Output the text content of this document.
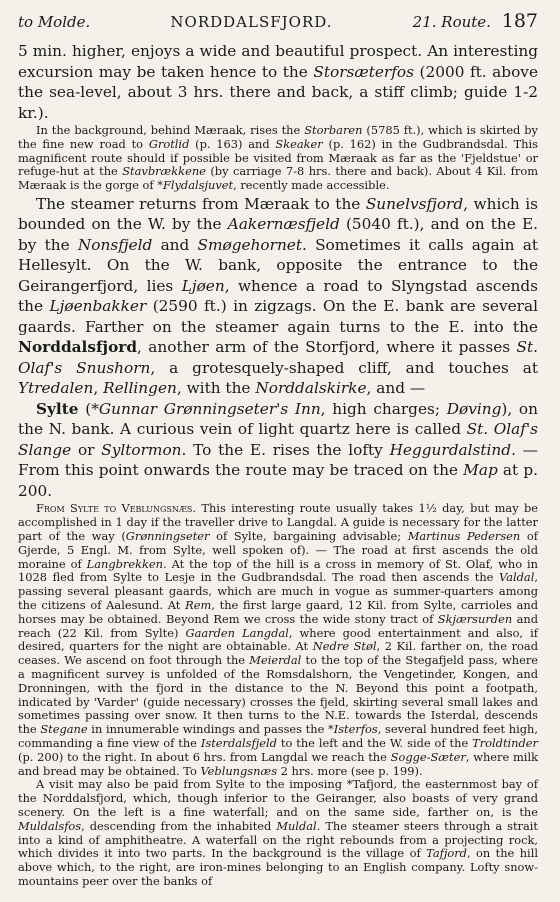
to Molde.	NORDDALSFJORD.	21. Route. 187

5 min. higher, enjoys a wide and beautiful prospect. An interesting excursion may be taken hence to the Storsæterfos (2000 ft. above the sea-level, about 3 hrs. there and back, a stiff climb; guide 1-2 kr.).

In the background, behind Mæraak, rises the Storbaren (5785 ft.), which is skirted by the fine new road to Grotlid (p. 163) and Skeaker (p. 162) in the Gudbrandsdal. This magnificent route should if possible be visited from Mæraak as far as the 'Fjeldstue' or refuge-hut at the Stavbrækkene (by carriage 7-8 hrs. there and back). About 4 Kil. from Mæraak is the gorge of *Flydalsjuvet, recently made accessible.

The steamer returns from Mæraak to the Sunelvsfjord, which is bounded on the W. by the Aakernæsfjeld (5040 ft.), and on the E. by the Nonsfjeld and Smøgehornet. Sometimes it calls again at Hellesylt. On the W. bank, opposite the entrance to the Geirangerfjord, lies Ljøen, whence a road to Slyngstad ascends the Ljøenbakker (2590 ft.) in zigzags. On the E. bank are several gaards. Farther on the steamer again turns to the E. into the Norddalsfjord, another arm of the Storfjord, where it passes St. Olaf's Snushorn, a grotesquely-shaped cliff, and touches at Ytredalen, Rellingen, with the Norddalskirke, and —

Sylte (*Gunnar Grønningseter's Inn, high charges; Døving), on the N. bank. A curious vein of light quartz here is called St. Olaf's Slange or Syltormon. To the E. rises the lofty Heggurdalstind. — From this point onwards the route may be traced on the Map at p. 200.

From Sylte to Veblungsnæs. This interesting route usually takes 1½ day, but may be accomplished in 1 day if the traveller drive to Langdal. A guide is necessary for the latter part of the way (Grønningseter of Sylte, bargaining advisable; Martinus Pedersen of Gjerde, 5 Engl. M. from Sylte, well spoken of). — The road at first ascends the old moraine of Langbrekken. At the top of the hill is a cross in memory of St. Olaf, who in 1028 fled from Sylte to Lesje in the Gudbrandsdal. The road then ascends the Valdal, passing several pleasant gaards, which are much in vogue as summer-quarters among the citizens of Aalesund. At Rem, the first large gaard, 12 Kil. from Sylte, carrioles and horses may be obtained. Beyond Rem we cross the wide stony tract of Skjærsurden and reach (22 Kil. from Sylte) Gaarden Langdal, where good entertainment and also, if desired, quarters for the night are obtainable. At Nedre Støl, 2 Kil. farther on, the road ceases. We ascend on foot through the Meierdal to the top of the Stegafjeld pass, where a magnificent survey is unfolded of the Romsdalshorn, the Vengetinder, Kongen, and Dronningen, with the fjord in the distance to the N. Beyond this point a footpath, indicated by 'Varder' (guide necessary) crosses the fjeld, skirting several small lakes and sometimes passing over snow. It then turns to the N.E. towards the Isterdal, descends the Stegane in innumerable windings and passes the *Isterfos, several hundred feet high, commanding a fine view of the Isterdalsfjeld to the left and the W. side of the Troldtinder (p. 200) to the right. In about 6 hrs. from Langdal we reach the Sogge-Sæter, where milk and bread may be obtained. To Veblungsnæs 2 hrs. more (see p. 199).

A visit may also be paid from Sylte to the imposing *Tafjord, the easternmost bay of the Norddalsfjord, which, though inferior to the Geiranger, also boasts of very grand scenery. On the left is a fine waterfall; and on the same side, farther on, is the Muldalsfos, descending from the inhabited Muldal. The steamer steers through a strait into a kind of amphitheatre. A waterfall on the right rebounds from a projecting rock, which divides it into two parts. In the background is the village of Tafjord, on the hill above which, to the right, are iron-mines belonging to an English company. Lofty snow-mountains peer over the banks of
